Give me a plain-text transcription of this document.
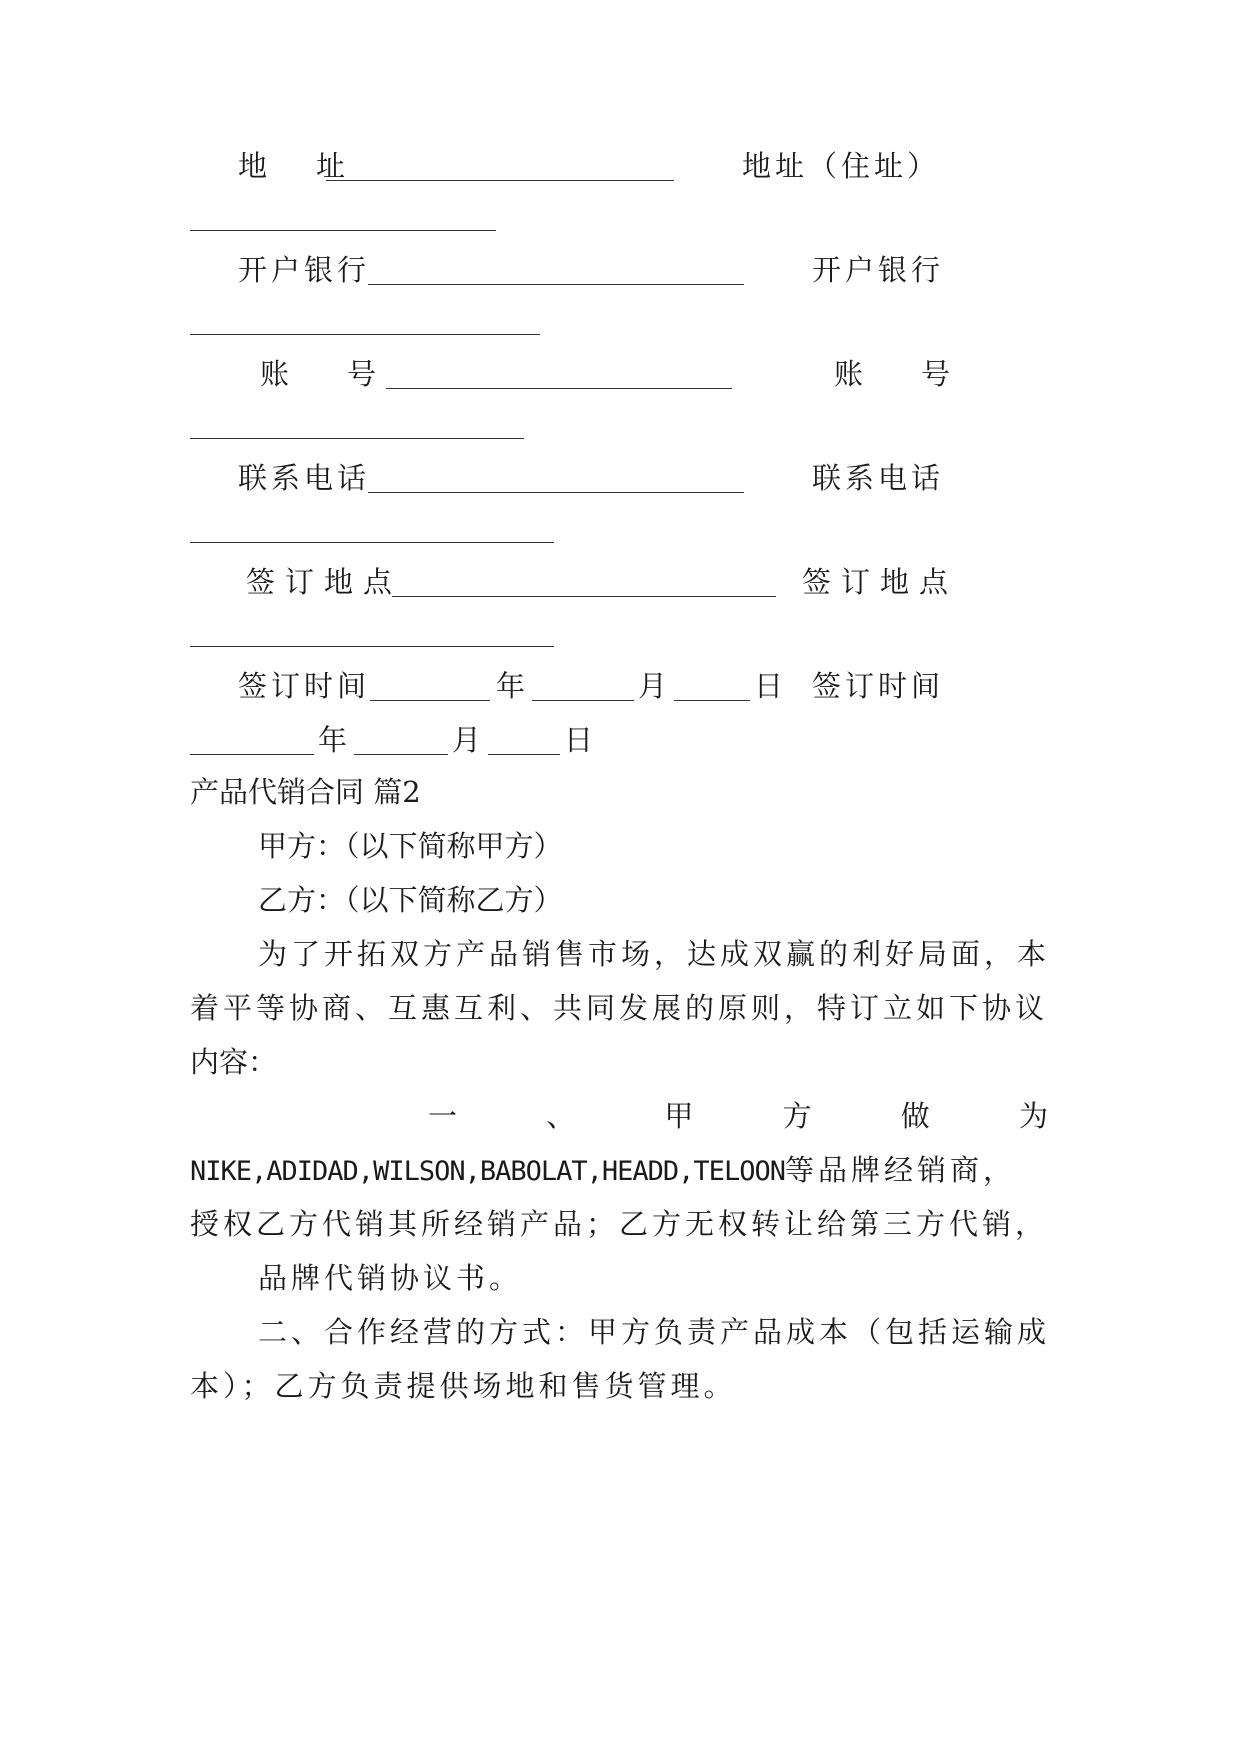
地　址	地址（住址）
开户银行	开户银行
账　　号	账　　号
联系电话	联系电话
签订地点	签订地点
签订时间	年	月	日 签订时间
年	月	日
产品代销合同 篇2
甲方：（以下简称甲方）
乙方：（以下简称乙方）
为了开拓双方产品销售市场，达成双赢的利好局面，本
着平等协商、互惠互利、共同发展的原则，特订立如下协议
内容：
一	、	甲	方	做	为
NIKE,ADIDAD,WILSON,BABOLAT,HEADD,TELOON等品牌经销商，
授权乙方代销其所经销产品；乙方无权转让给第三方代销，
品牌代销协议书。
二、合作经营的方式：甲方负责产品成本（包括运输成
本）；乙方负责提供场地和售货管理。
